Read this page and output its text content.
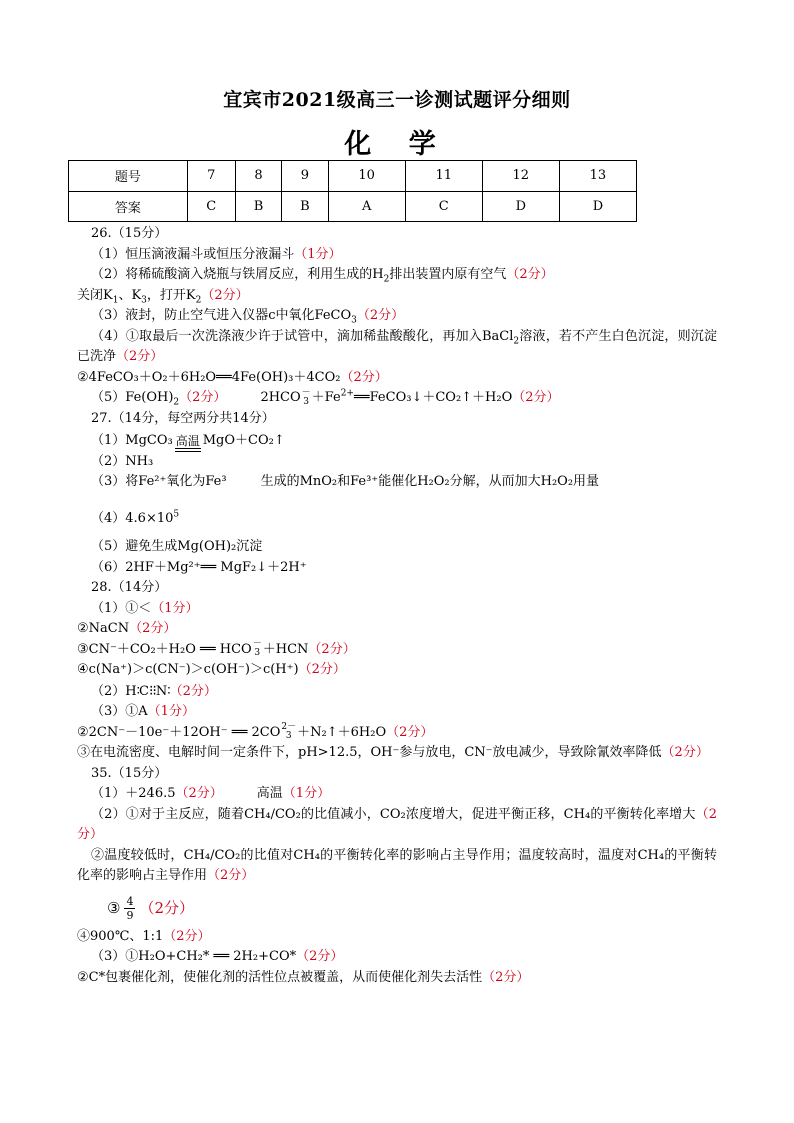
宜宾市2021级高三一诊测试题评分细则
化 学
题号	7	8	9	10	11	12	13
答案	C	B	B	A	C	D	D
26.（15分）
（1）恒压滴液漏斗或恒压分液漏斗（1分）
（2）将稀硫酸滴入烧瓶与铁屑反应，利用生成的$H_2$排出装置内原有空气（2分）
关闭$K_1$、$K_3$，打开$K_2(2$分）
（3）液封，防止空气进入仪器c中氧化FeCO$_3$（2分）
（4）①取最后一次洗涤液少许于试管中，滴加稀盐酸酸化，再加入BaCl$_2$溶液，若不产生白色沉淀，则沉淀已洗净（2分）
②4FeCO₃＋O₂＋6H₂O══4Fe(OH)₃＋4CO₂（2分）
$(5)Fe(OH)_2(2$分）	2HCO －
$3 +Fe^{2+}══FeCO_3↓+CO_2↑+H_2O(2$分）
27.（14分，每空两分共14分）
（1）MgCO₃ 高温 MgO＋CO₂↑
（2）NH₃
（3）将Fe²⁺氧化为Fe³	生成的MnO₂和Fe³⁺能催化H₂O₂分解，从而加大H₂O₂用量
$(4)4.6\times 10^5$
（5）避免生成Mg(OH)₂沉淀
（6）2HF＋Mg²⁺══ MgF₂↓＋2H⁺
28.（14分）
（1）①＜（1分）
②NaCN（2分）
③CN⁻＋CO₂＋H₂O ══ HCO －
3 ＋HCN（2分）
④c(Na⁺)＞c(CN⁻)＞c(OH⁻)＞c(H⁺)（2分）
（2）H∶C⁝⁝N∶（2分）
（3）①A（1分）
②2CN⁻－10e⁻＋12OH⁻ ══ 2CO 2－
3 ＋N₂↑＋6H₂O（2分）
③在电流密度、电解时间一定条件下，pH>12.5，OH⁻参与放电，CN⁻放电减少，导致除氰效率降低（2分）
35.（15分）
（1）＋246.5（2分）	高温（1分）
（2）①对于主反应，随着CH₄/CO₂的比值减小，CO₂浓度增大，促进平衡正移，CH₄的平衡转化率增大（2分）
②温度较低时，CH₄/CO₂的比值对CH₄的平衡转化率的影响占主导作用；温度较高时，温度对CH₄的平衡转化率的影响占主导作用（2分）
③ $\frac{4}{9} (2$分）
④900℃、1:1（2分）
（3）①H₂O+CH₂* ══ 2H₂+CO*（2分）
②C*包裹催化剂，使催化剂的活性位点被覆盖，从而使催化剂失去活性（2分）
